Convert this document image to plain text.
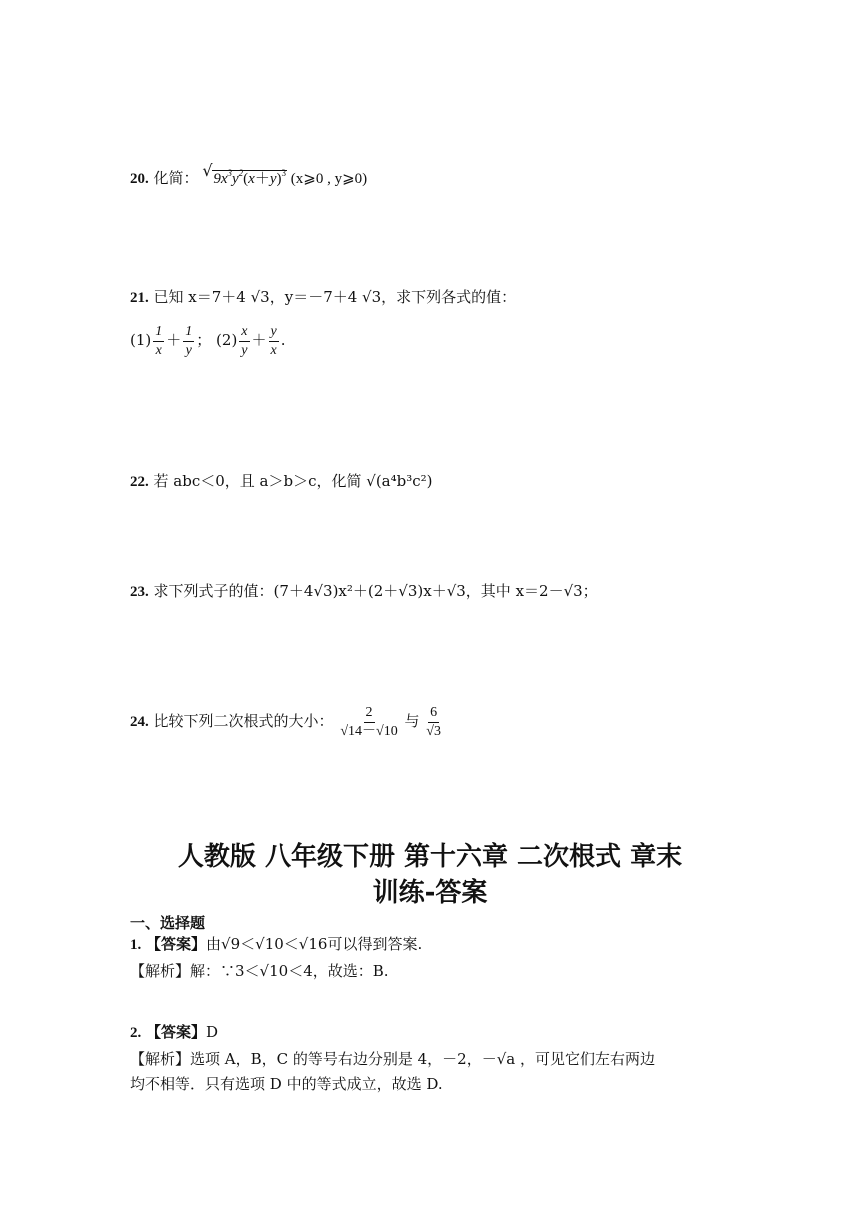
20. 化简： √ $9x^3y^2(x+y)^3$ (x⩾0 , y⩾0)
21. 已知 x＝7＋4 √3，y＝－7＋4 √3，求下列各式的值：
$(1) \frac{1}{x} + \frac{1}{y}$ ； $(2) \frac{x}{y} + \frac{y}{x}$ .
22. 若 abc＜0，且 a＞b＞c，化简 √(a⁴b³c²)
23. 求下列式子的值：(7＋4√3)x²＋(2＋√3)x＋√3，其中 x＝2－√3；
24. 比较下列二次根式的大小： $\frac{2}{√14-√10}$ 与 $\frac{6}{√3}$
人教版 八年级下册 第十六章 二次根式 章末
训练-答案
一、选择题
1. 【答案】由√9＜√10＜√16可以得到答案.
【解析】解：∵3＜√10＜4，故选：B.
2. 【答案】D
【解析】选项 A，B，C 的等号右边分别是 4，－2，－√a ，可见它们左右两边
均不相等．只有选项 D 中的等式成立，故选 D.
